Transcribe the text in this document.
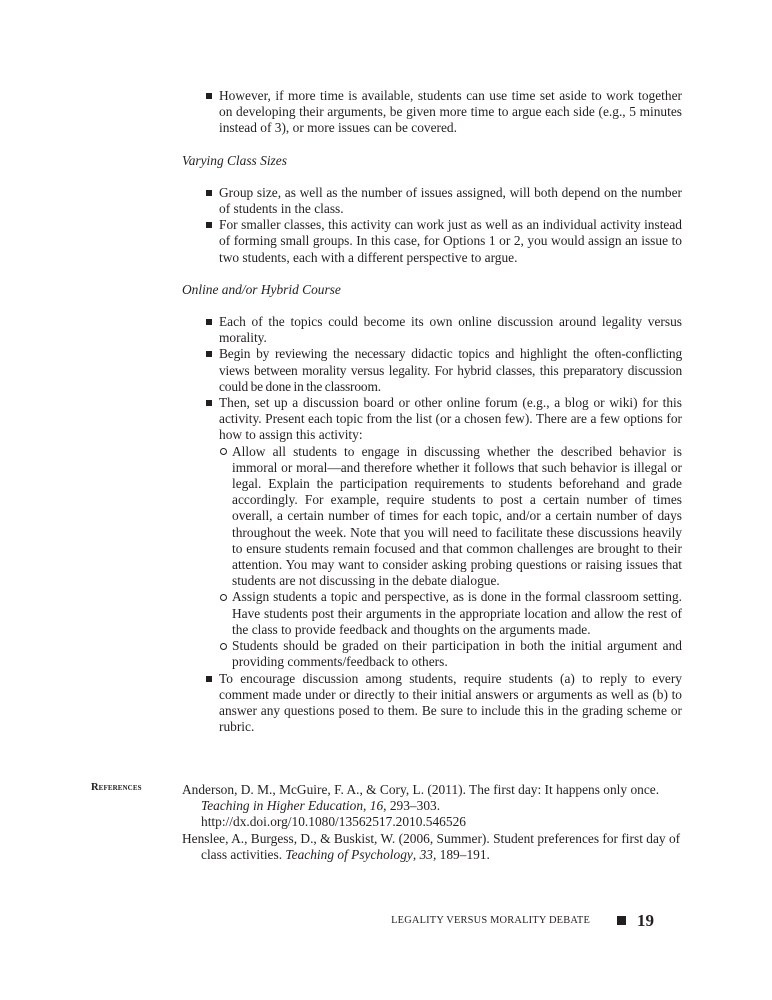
However, if more time is available, students can use time set aside to work together on developing their arguments, be given more time to argue each side (e.g., 5 minutes instead of 3), or more issues can be covered.
Varying Class Sizes
Group size, as well as the number of issues assigned, will both depend on the number of students in the class.
For smaller classes, this activity can work just as well as an individual activity instead of forming small groups. In this case, for Options 1 or 2, you would assign an issue to two students, each with a different perspective to argue.
Online and/or Hybrid Course
Each of the topics could become its own online discussion around legality versus morality.
Begin by reviewing the necessary didactic topics and highlight the often-conflicting views between morality versus legality. For hybrid classes, this preparatory discussion could be done in the classroom.
Then, set up a discussion board or other online forum (e.g., a blog or wiki) for this activity. Present each topic from the list (or a chosen few). There are a few options for how to assign this activity:
Allow all students to engage in discussing whether the described behavior is immoral or moral—and therefore whether it follows that such behavior is illegal or legal. Explain the participation requirements to students beforehand and grade accordingly. For example, require students to post a certain number of times overall, a certain number of times for each topic, and/or a certain number of days throughout the week. Note that you will need to facilitate these discussions heavily to ensure students remain focused and that common challenges are brought to their attention. You may want to consider asking probing questions or raising issues that students are not discussing in the debate dialogue.
Assign students a topic and perspective, as is done in the formal classroom setting. Have students post their arguments in the appropriate location and allow the rest of the class to provide feedback and thoughts on the arguments made.
Students should be graded on their participation in both the initial argument and providing comments/feedback to others.
To encourage discussion among students, require students (a) to reply to every comment made under or directly to their initial answers or arguments as well as (b) to answer any questions posed to them. Be sure to include this in the grading scheme or rubric.
References	Anderson, D. M., McGuire, F. A., & Cory, L. (2011). The first day: It happens only once. Teaching in Higher Education, 16, 293–303. http://dx.doi.org/10.1080/13562517.2010.546526
Henslee, A., Burgess, D., & Buskist, W. (2006, Summer). Student preferences for first day of class activities. Teaching of Psychology, 33, 189–191.
LEGALITY VERSUS MORALITY DEBATE	19
